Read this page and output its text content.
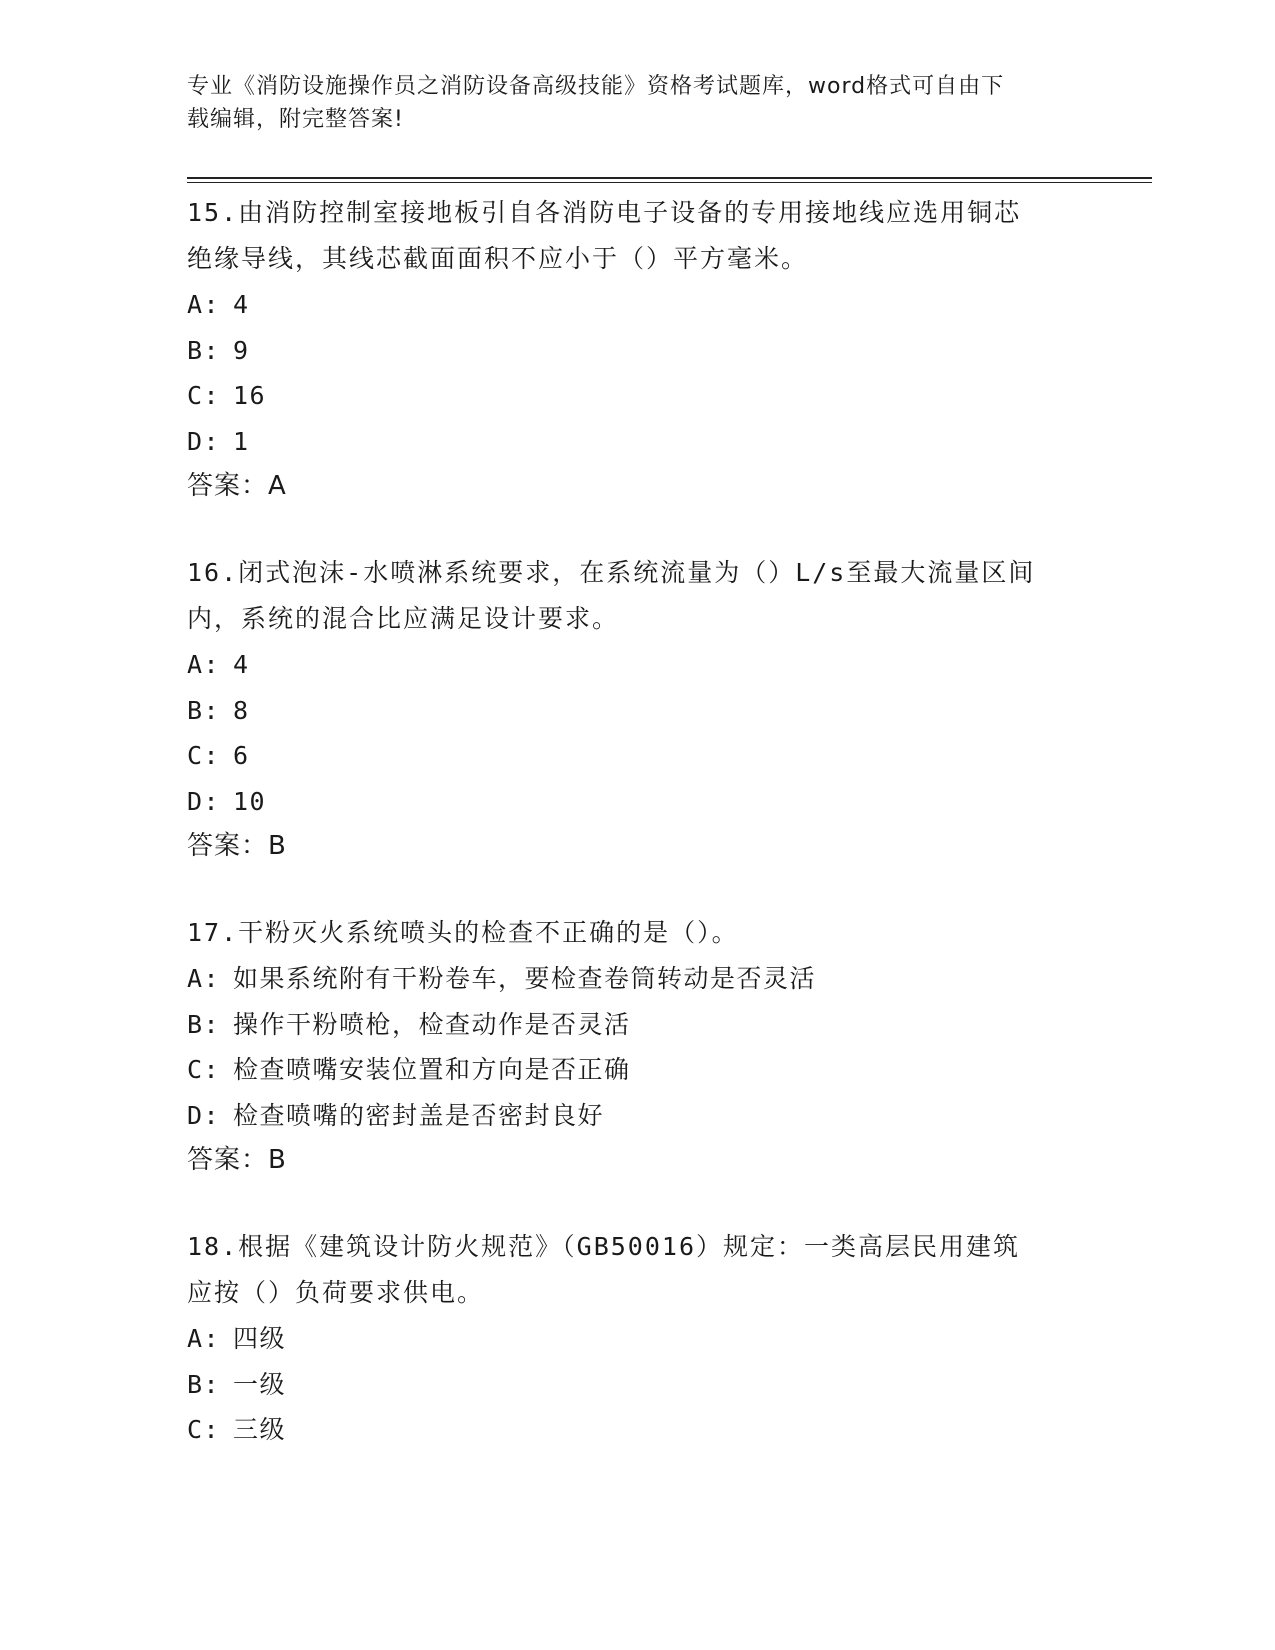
专业《消防设施操作员之消防设备高级技能》资格考试题库，word格式可自由下
载编辑，附完整答案!

15.由消防控制室接地板引自各消防电子设备的专用接地线应选用铜芯

绝缘导线，其线芯截面面积不应小于（）平方毫米。

A: 4

B: 9

C: 16

D: 1

答案：A

16.闭式泡沫-水喷淋系统要求，在系统流量为（）L/s至最大流量区间

内，系统的混合比应满足设计要求。

A: 4

B: 8

C: 6

D: 10

答案：B

17.干粉灭火系统喷头的检查不正确的是（）。

A: 如果系统附有干粉卷车，要检查卷筒转动是否灵活

B: 操作干粉喷枪，检查动作是否灵活

C: 检查喷嘴安装位置和方向是否正确

D: 检查喷嘴的密封盖是否密封良好

答案：B

18.根据《建筑设计防火规范》（GB50016）规定：一类高层民用建筑

应按（）负荷要求供电。

A: 四级

B: 一级

C: 三级
